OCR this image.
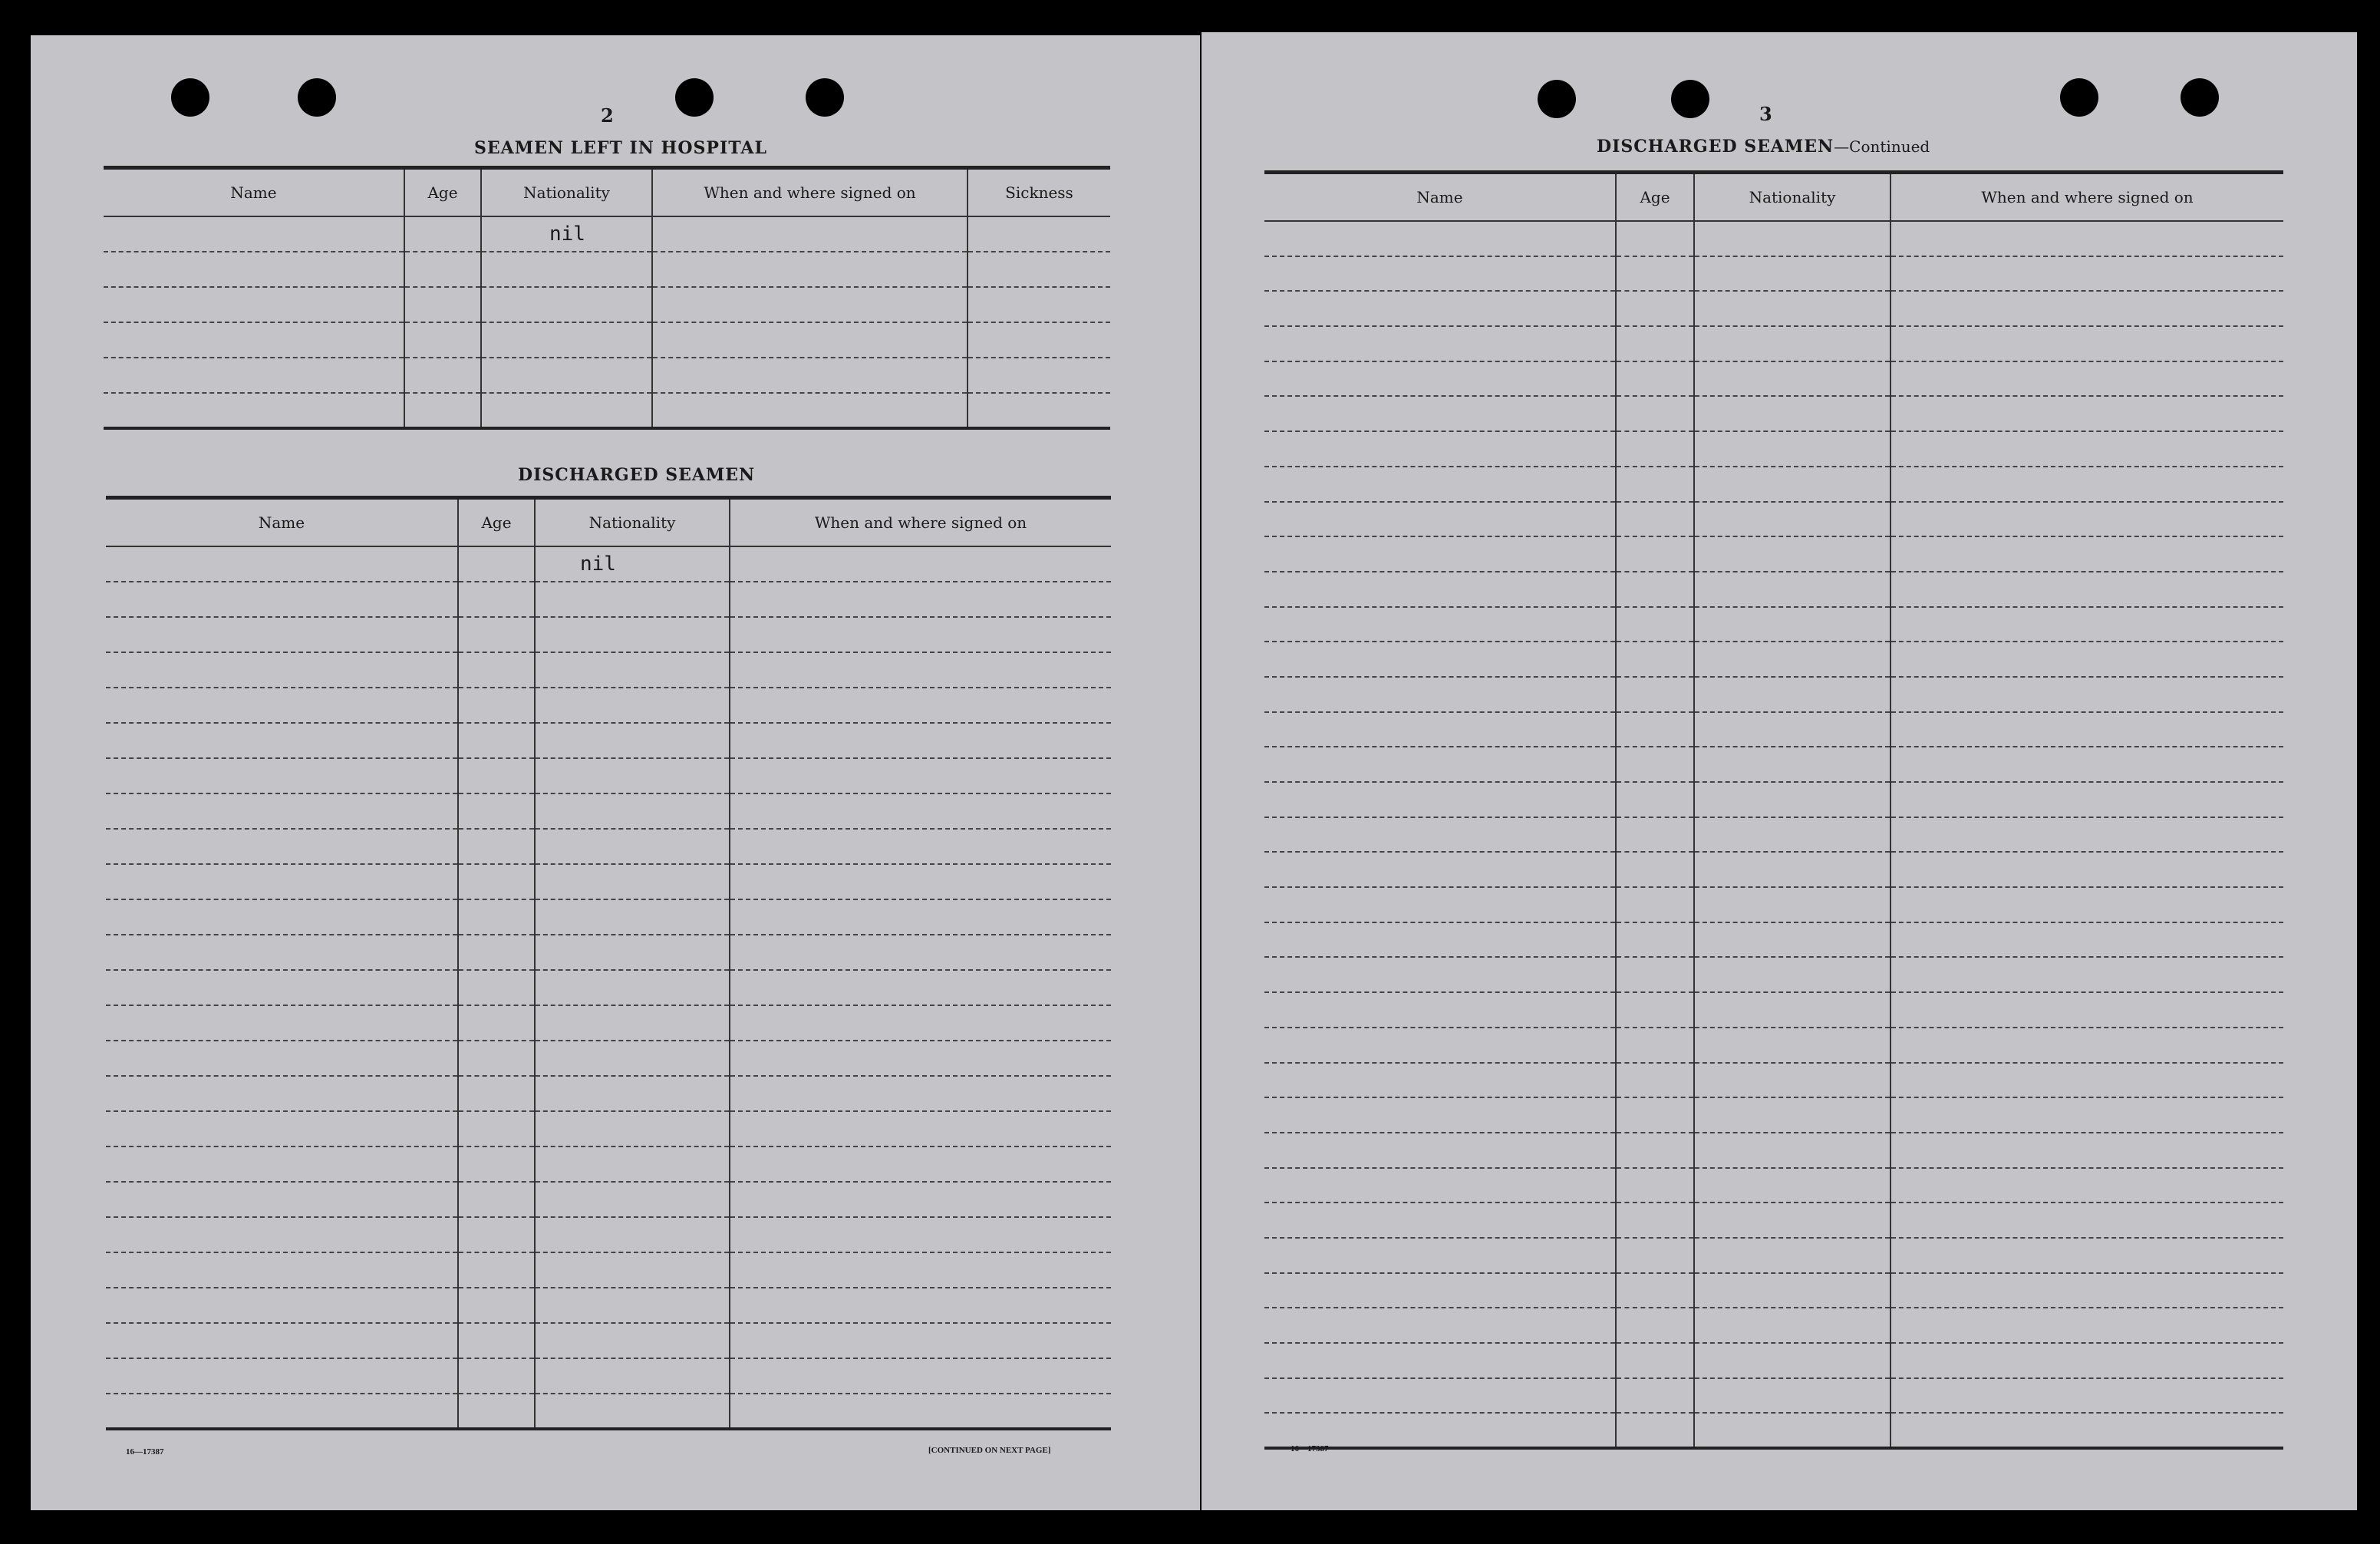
2
SEAMEN LEFT IN HOSPITAL
Name	Age	Nationality	When and where signed on	Sickness
		nil		

DISCHARGED SEAMEN
Name	Age	Nationality	When and where signed on
		nil	

16—17387	[CONTINUED ON NEXT PAGE]
3
DISCHARGED SEAMEN—Continued
Name	Age	Nationality	When and where signed on

16—17387
